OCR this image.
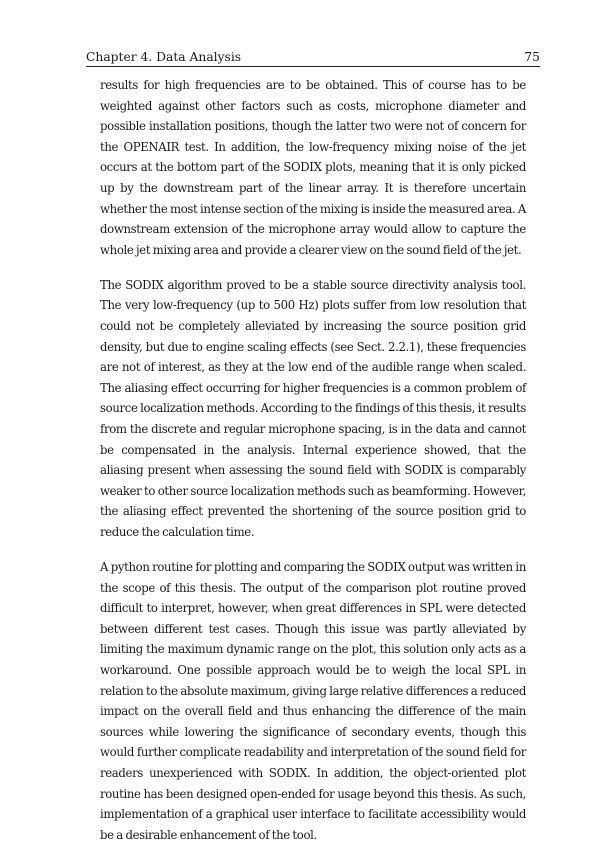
Chapter 4. Data Analysis	75

results for high frequencies are to be obtained. This of course has to be weighted against other factors such as costs, microphone diameter and possible installation positions, though the latter two were not of concern for the OPENAIR test. In addition, the low-frequency mixing noise of the jet occurs at the bottom part of the SODIX plots, meaning that it is only picked up by the downstream part of the linear array. It is therefore uncertain whether the most intense section of the mixing is inside the measured area. A downstream extension of the microphone array would allow to capture the whole jet mixing area and provide a clearer view on the sound field of the jet.

The SODIX algorithm proved to be a stable source directivity analysis tool. The very low-frequency (up to 500 Hz) plots suffer from low resolution that could not be completely alleviated by increasing the source position grid density, but due to engine scaling effects (see Sect. 2.2.1), these frequencies are not of interest, as they at the low end of the audible range when scaled. The aliasing effect occurring for higher frequencies is a common problem of source localization methods. According to the findings of this thesis, it results from the discrete and regular microphone spacing, is in the data and cannot be compensated in the analysis. Internal experience showed, that the aliasing present when assessing the sound field with SODIX is comparably weaker to other source localization methods such as beamforming. However, the aliasing effect prevented the shortening of the source position grid to reduce the calculation time.

A python routine for plotting and comparing the SODIX output was written in the scope of this thesis. The output of the comparison plot routine proved difficult to interpret, however, when great differences in SPL were detected between different test cases. Though this issue was partly alleviated by limiting the maximum dynamic range on the plot, this solution only acts as a workaround. One possible approach would be to weigh the local SPL in relation to the absolute maximum, giving large relative differences a reduced impact on the overall field and thus enhancing the difference of the main sources while lowering the significance of secondary events, though this would further complicate readability and interpretation of the sound field for readers unexperienced with SODIX. In addition, the object-oriented plot routine has been designed open-ended for usage beyond this thesis. As such, implementation of a graphical user interface to facilitate accessibility would be a desirable enhancement of the tool.
